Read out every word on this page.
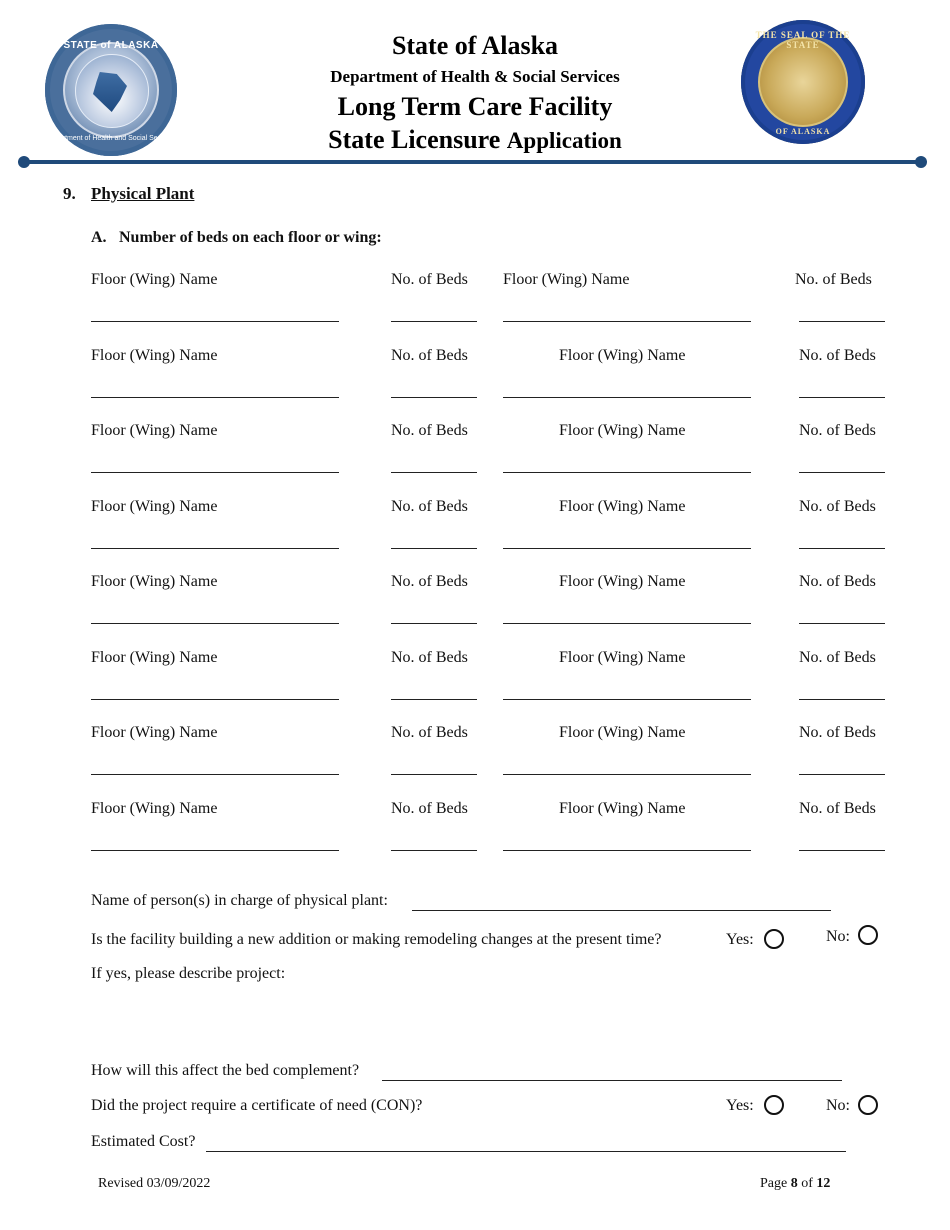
STATE of ALASKA
Department of Health and Social Services
State of Alaska
Department of Health & Social Services
Long Term Care Facility
State Licensure Application
THE SEAL OF THE STATE
OF ALASKA
9. Physical Plant
A. Number of beds on each floor or wing:
Floor (Wing) Name	No. of Beds Floor (Wing) Name	No. of Beds
Floor (Wing) Name	No. of Beds	Floor (Wing) Name	No. of Beds
Floor (Wing) Name	No. of Beds	Floor (Wing) Name	No. of Beds
Floor (Wing) Name	No. of Beds	Floor (Wing) Name	No. of Beds
Floor (Wing) Name	No. of Beds	Floor (Wing) Name	No. of Beds
Floor (Wing) Name	No. of Beds	Floor (Wing) Name	No. of Beds
Floor (Wing) Name	No. of Beds	Floor (Wing) Name	No. of Beds
Floor (Wing) Name	No. of Beds	Floor (Wing) Name	No. of Beds
Name of person(s) in charge of physical plant:
Is the facility building a new addition or making remodeling changes at the present time?	Yes:	No:
If yes, please describe project:
How will this affect the bed complement?
Did the project require a certificate of need (CON)?	Yes:	No:
Estimated Cost?
Revised 03/09/2022	Page 8 of 12
